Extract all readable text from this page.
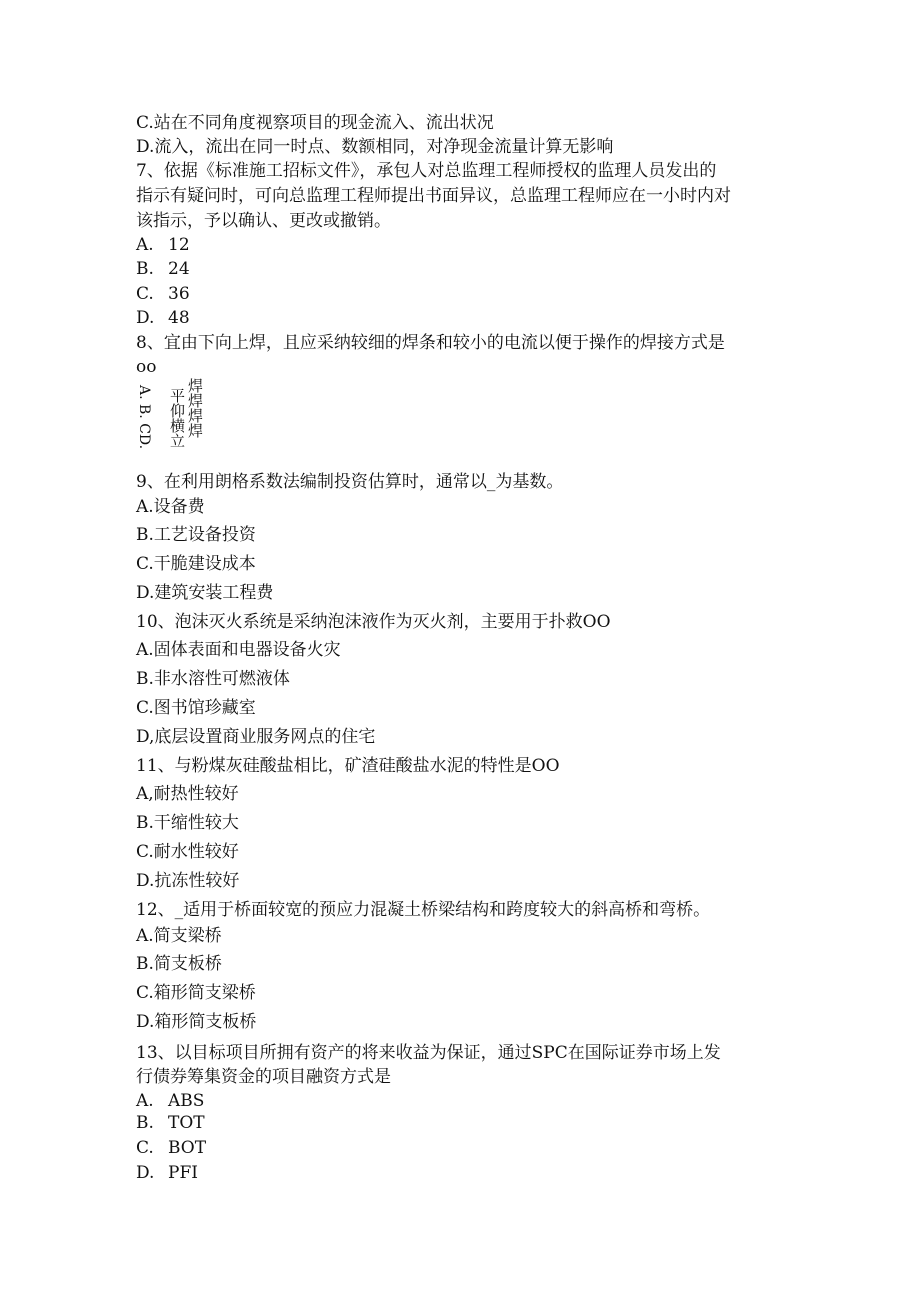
C.站在不同角度视察项目的现金流入、流出状况

D.流入，流出在同一时点、数额相同，对净现金流量计算无影响

7、依据《标准施工招标文件》，承包人对总监理工程师授权的监理人员发出的

指示有疑问时，可向总监理工程师提出书面异议，总监理工程师应在一小时内对

该指示，予以确认、更改或撤销。

A. 12

B. 24

C. 36

D. 48

8、宜由下向上焊，且应采纳较细的焊条和较小的电流以便于操作的焊接方式是

oo

A. B. CD. 平仰横立 焊焊焊焊

9、在利用朗格系数法编制投资估算时，通常以_为基数。

A.设备费

B.工艺设备投资

C.干脆建设成本

D.建筑安装工程费

10、泡沫灭火系统是采纳泡沫液作为灭火剂，主要用于扑救OO

A.固体表面和电器设备火灾

B.非水溶性可燃液体

C.图书馆珍藏室

D,底层设置商业服务网点的住宅

11、与粉煤灰硅酸盐相比，矿渣硅酸盐水泥的特性是OO

A,耐热性较好

B.干缩性较大

C.耐水性较好

D.抗冻性较好

12、_适用于桥面较宽的预应力混凝土桥梁结构和跨度较大的斜高桥和弯桥。

A.简支梁桥

B.简支板桥

C.箱形简支梁桥

D.箱形简支板桥

13、以目标项目所拥有资产的将来收益为保证，通过SPC在国际证券市场上发

行债券筹集资金的项目融资方式是

A. ABS

B. TOT

C. BOT

D. PFI
